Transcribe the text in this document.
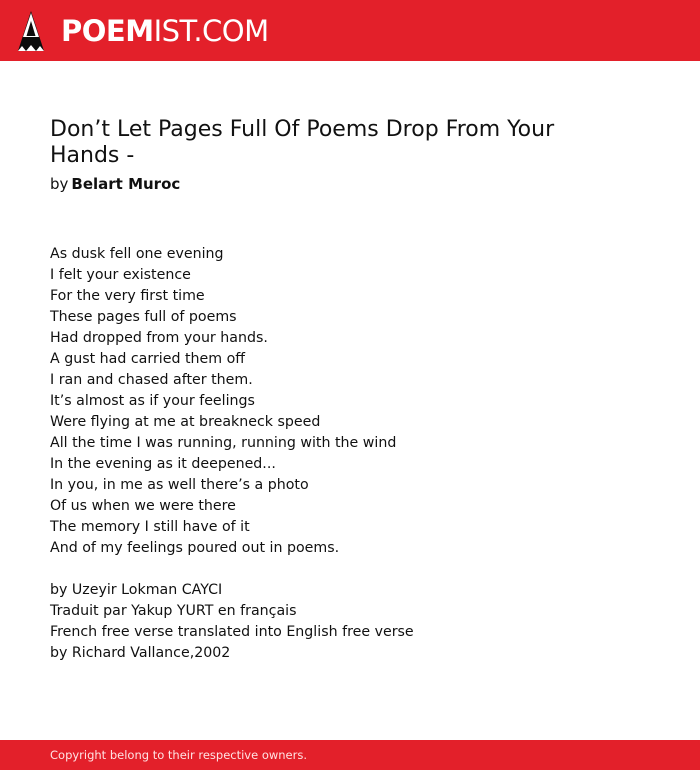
POEMIST.COM
Don’t Let Pages Full Of Poems Drop From Your Hands -
by Belart Muroc
As dusk fell one evening
I felt your existence
For the very first time
These pages full of poems
Had dropped from your hands.
A gust had carried them off
I ran and chased after them.
It’s almost as if your feelings
Were flying at me at breakneck speed
All the time I was running, running with the wind
In the evening as it deepened...
In you, in me as well there’s a photo
Of us when we were there
The memory I still have of it
And of my feelings poured out in poems.
by Uzeyir Lokman CAYCI
Traduit par Yakup YURT en français
French free verse translated into English free verse
by Richard Vallance,2002
Copyright belong to their respective owners.
